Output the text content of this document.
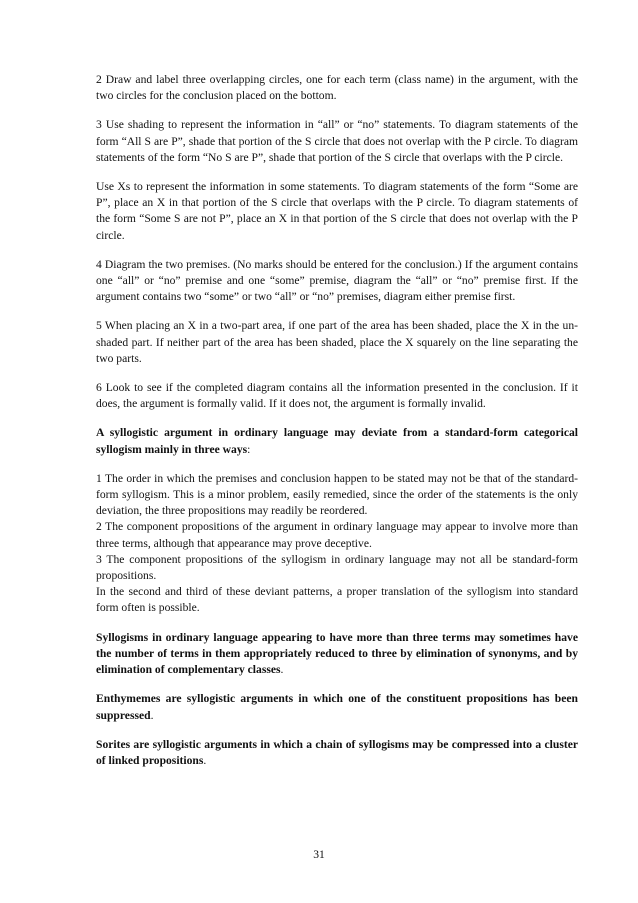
2 Draw and label three overlapping circles, one for each term (class name) in the argument, with the two circles for the conclusion placed on the bottom.

3 Use shading to represent the information in “all” or “no” statements. To diagram statements of the form “All S are P”, shade that portion of the S circle that does not overlap with the P circle. To diagram statements of the form “No S are P”, shade that portion of the S circle that overlaps with the P circle.

Use Xs to represent the information in some statements. To diagram statements of the form “Some are P”, place an X in that portion of the S circle that overlaps with the P circle. To diagram statements of the form “Some S are not P”, place an X in that portion of the S circle that does not overlap with the P circle.

4 Diagram the two premises. (No marks should be entered for the conclusion.) If the argument contains one “all” or “no” premise and one “some” premise, diagram the “all” or “no” premise first. If the argument contains two “some” or two “all” or “no” premises, diagram either premise first.

5 When placing an X in a two-part area, if one part of the area has been shaded, place the X in the un-shaded part. If neither part of the area has been shaded, place the X squarely on the line separating the two parts.

6 Look to see if the completed diagram contains all the information presented in the conclusion. If it does, the argument is formally valid. If it does not, the argument is formally invalid.

A syllogistic argument in ordinary language may deviate from a standard-form categorical syllogism mainly in three ways:

1 The order in which the premises and conclusion happen to be stated may not be that of the standard-form syllogism. This is a minor problem, easily remedied, since the order of the statements is the only deviation, the three propositions may readily be reordered.

2 The component propositions of the argument in ordinary language may appear to involve more than three terms, although that appearance may prove deceptive.

3 The component propositions of the syllogism in ordinary language may not all be standard-form propositions.

In the second and third of these deviant patterns, a proper translation of the syllogism into standard form often is possible.

Syllogisms in ordinary language appearing to have more than three terms may sometimes have the number of terms in them appropriately reduced to three by elimination of synonyms, and by elimination of complementary classes.

Enthymemes are syllogistic arguments in which one of the constituent propositions has been suppressed.

Sorites are syllogistic arguments in which a chain of syllogisms may be compressed into a cluster of linked propositions.

31
